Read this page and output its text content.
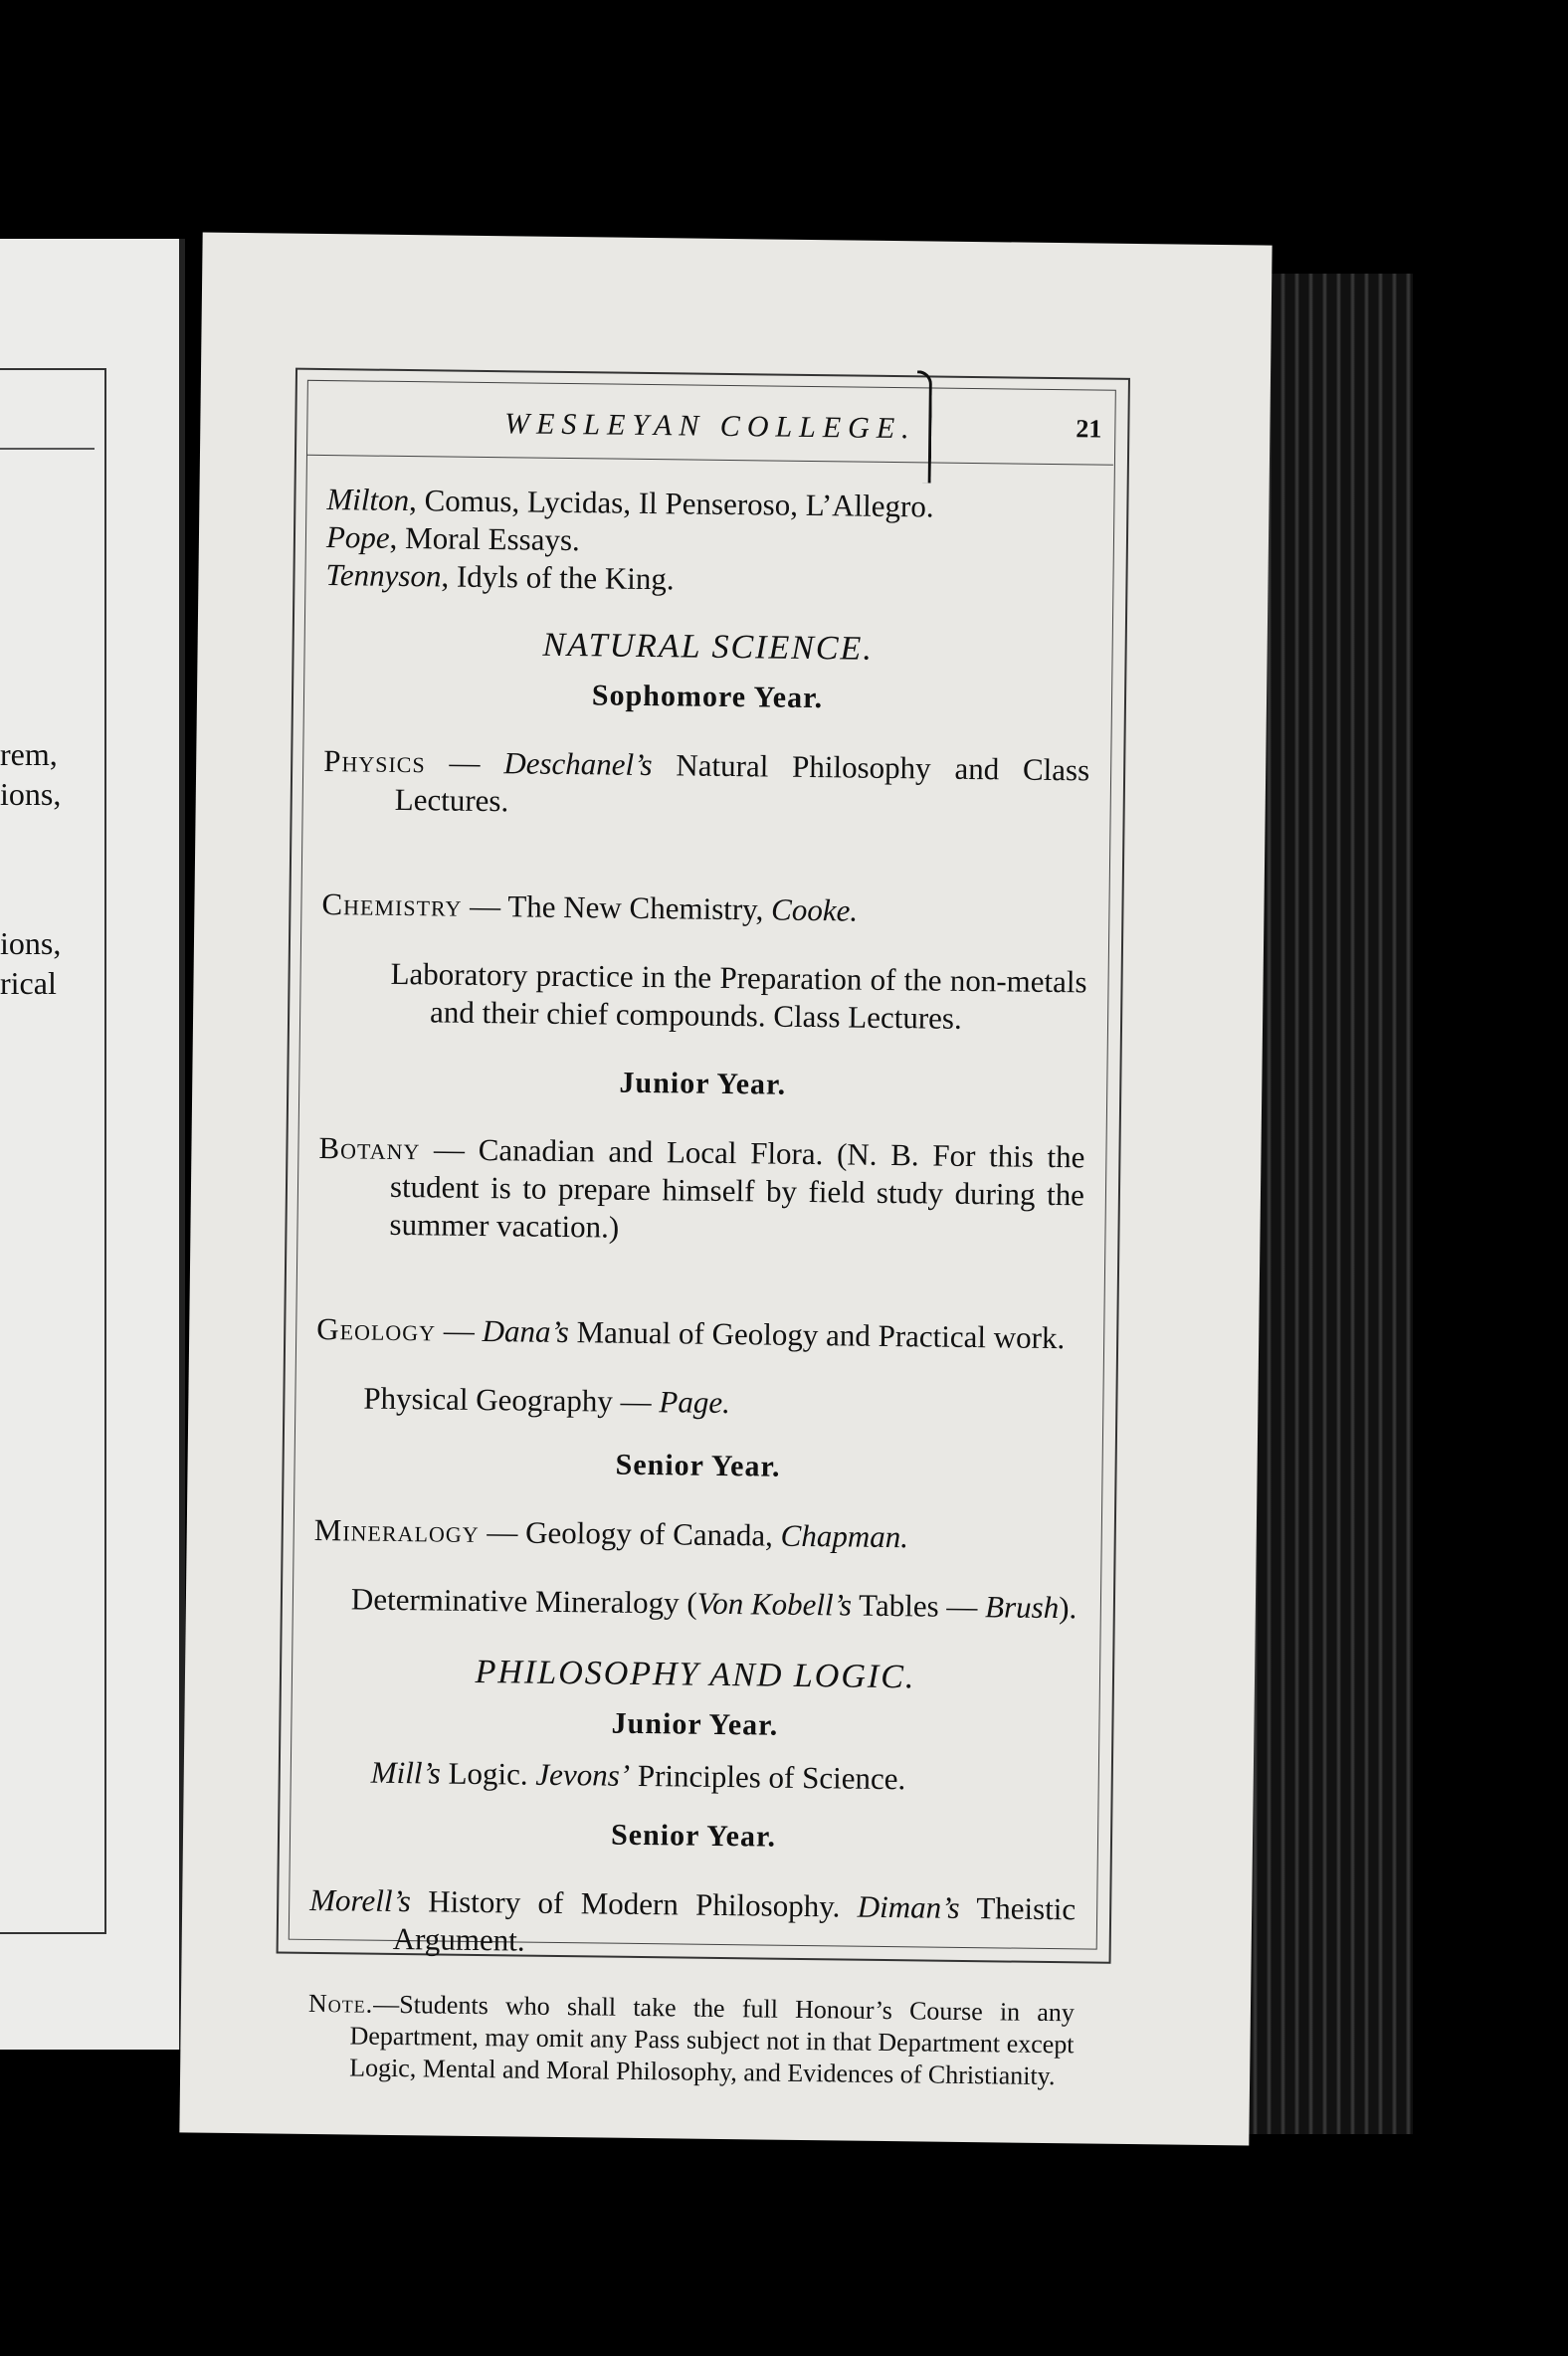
rem,
ions,
ions,
rical
WESLEYAN COLLEGE.	21

Milton, Comus, Lycidas, Il Penseroso, L’Allegro.

Pope, Moral Essays.

Tennyson, Idyls of the King.

NATURAL SCIENCE.
Sophomore Year.

Physics — Deschanel’s Natural Philosophy and Class Lectures.

Chemistry — The New Chemistry, Cooke.

Laboratory practice in the Preparation of the non-metals and their chief compounds. Class Lectures.

Junior Year.

Botany — Canadian and Local Flora. (N. B. For this the student is to prepare himself by field study during the summer vacation.)

Geology — Dana’s Manual of Geology and Practical work.

Physical Geography — Page.

Senior Year.

Mineralogy — Geology of Canada, Chapman.

Determinative Mineralogy (Von Kobell’s Tables — Brush).

PHILOSOPHY AND LOGIC.
Junior Year.

Mill’s Logic. Jevons’ Principles of Science.

Senior Year.

Morell’s History of Modern Philosophy. Diman’s Theistic Argument.

Note.—Students who shall take the full Honour’s Course in any Department, may omit any Pass subject not in that Department except Logic, Mental and Moral Philosophy, and Evidences of Christianity.
